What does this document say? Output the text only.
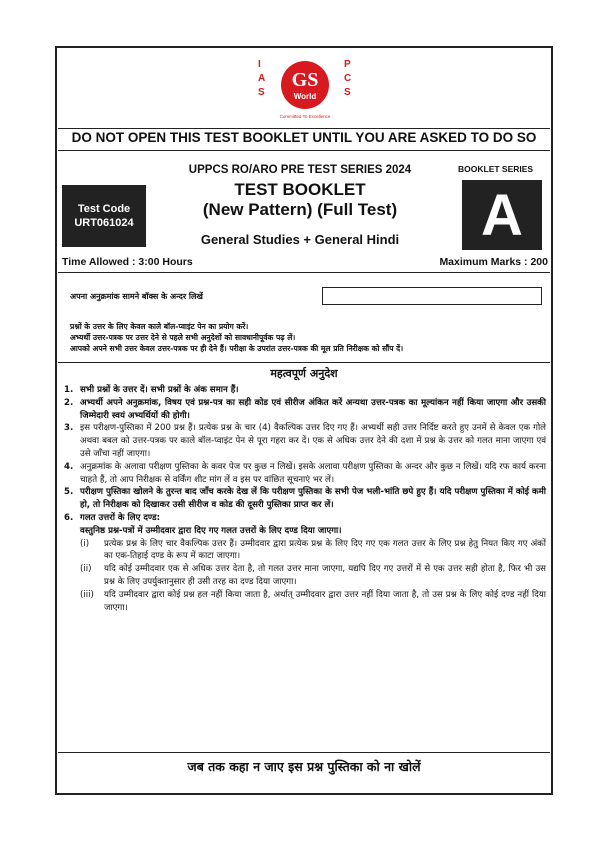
GS
World
Committed To Excellence
IAS
PCS
DO NOT OPEN THIS TEST BOOKLET UNTIL YOU ARE ASKED TO DO SO
UPPCS RO/ARO PRE TEST SERIES 2024	BOOKLET SERIES
Test Code
URT061024
TEST BOOKLET
(New Pattern) (Full Test)
General Studies + General Hindi	A
Time Allowed : 3:00 Hours	Maximum Marks : 200
अपना अनुक्रमांक सामने बॉक्स के अन्दर लिखें
प्रश्नों के उत्तर के लिए केवल काले बॉल-प्वाइंट पेन का प्रयोग करें।
अभ्यर्थी उत्तर-पत्रक पर उत्तर देने से पहले सभी अनुदेशों को सावधानीपूर्वक पढ़ लें।
आपको अपने सभी उत्तर केवल उत्तर-पत्रक पर ही देने हैं। परीक्षा के उपरांत उत्तर-पत्रक की मूल प्रति निरीक्षक को सौंप दें।
महत्वपूर्ण अनुदेश
1. सभी प्रश्नों के उत्तर दें। सभी प्रश्नों के अंक समान हैं।
2. अभ्यर्थी अपने अनुक्रमांक, विषय एवं प्रश्न-पत्र का सही कोड एवं सीरीज अंकित करें अन्यथा उत्तर-पत्रक का मूल्यांकन नहीं किया जाएगा और उसकी जिम्मेदारी स्वयं अभ्यर्थियों की होगी।
3. इस परीक्षण-पुस्तिका में 200 प्रश्न हैं। प्रत्येक प्रश्न के चार (4) वैकल्पिक उत्तर दिए गए हैं। अभ्यर्थी सही उत्तर निर्दिष्ट करते हुए उनमें से केवल एक गोले अथवा बबल को उत्तर-पत्रक पर काले बॉल-प्वाइंट पेन से पूरा गहरा कर दें। एक से अधिक उत्तर देने की दशा में प्रश्न के उत्तर को गलत माना जाएगा एवं उसे जाँचा नहीं जाएगा।
4. अनुक्रमांक के अलावा परीक्षण पुस्तिका के कवर पेज पर कुछ न लिखें। इसके अलावा परीक्षण पुस्तिका के अन्दर और कुछ न लिखें। यदि रफ कार्य करना चाहते हैं, तो आप निरीक्षक से वर्किंग शीट मांग लें व इस पर वांछित सूचनाएं भर लें।
5. परीक्षण पुस्तिका खोलने के तुरन्त बाद जाँच करके देख लें कि परीक्षण पुस्तिका के सभी पेज भली-भांति छपे हुए हैं। यदि परीक्षण पुस्तिका में कोई कमी हो, तो निरीक्षक को दिखाकर उसी सीरीज व कोड की दूसरी पुस्तिका प्राप्त कर लें।
6. गलत उत्तरों के लिए दण्ड:
वस्तुनिष्ठ प्रश्न-पत्रों में उम्मीदवार द्वारा दिए गए गलत उत्तरों के लिए दण्ड दिया जाएगा।
(i)	प्रत्येक प्रश्न के लिए चार वैकल्पिक उत्तर हैं। उम्मीदवार द्वारा प्रत्येक प्रश्न के लिए दिए गए एक गलत उत्तर के लिए प्रश्न हेतु नियत किए गए अंकों का एक-तिहाई दण्ड के रूप में काटा जाएगा।
(ii)	यदि कोई उम्मीदवार एक से अधिक उत्तर देता है, तो गलत उत्तर माना जाएगा, यद्यपि दिए गए उत्तरों में से एक उत्तर सही होता है, फिर भी उस प्रश्न के लिए उपर्युक्तानुसार ही उसी तरह का दण्ड दिया जाएगा।
(iii)	यदि उम्मीदवार द्वारा कोई प्रश्न हल नहीं किया जाता है, अर्थात् उम्मीदवार द्वारा उत्तर नहीं दिया जाता है, तो उस प्रश्न के लिए कोई दण्ड नहीं दिया जाएगा।
जब तक कहा न जाए इस प्रश्न पुस्तिका को ना खोलें
